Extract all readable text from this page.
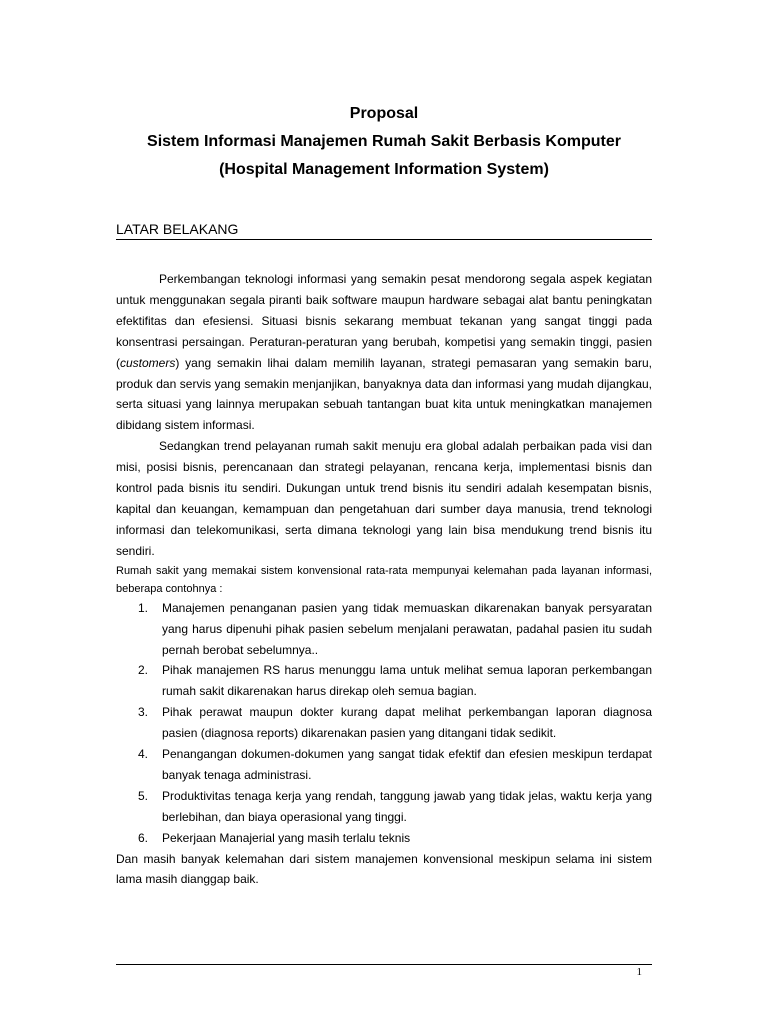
Proposal
Sistem Informasi Manajemen Rumah Sakit Berbasis Komputer
(Hospital Management Information System)
LATAR BELAKANG

Perkembangan teknologi informasi yang semakin pesat mendorong segala aspek kegiatan untuk menggunakan segala piranti baik software maupun hardware sebagai alat bantu peningkatan efektifitas dan efesiensi. Situasi bisnis sekarang membuat tekanan yang sangat tinggi pada konsentrasi persaingan. Peraturan-peraturan yang berubah, kompetisi yang semakin tinggi, pasien (customers) yang semakin lihai dalam memilih layanan, strategi pemasaran yang semakin baru, produk dan servis yang semakin menjanjikan, banyaknya data dan informasi yang mudah dijangkau, serta situasi yang lainnya merupakan sebuah tantangan buat kita untuk meningkatkan manajemen dibidang sistem informasi.

Sedangkan trend pelayanan rumah sakit menuju era global adalah perbaikan pada visi dan misi, posisi bisnis, perencanaan dan strategi pelayanan, rencana kerja, implementasi bisnis dan kontrol pada bisnis itu sendiri. Dukungan untuk trend bisnis itu sendiri adalah kesempatan bisnis, kapital dan keuangan, kemampuan dan pengetahuan dari sumber daya manusia, trend teknologi informasi dan telekomunikasi, serta dimana teknologi yang lain bisa mendukung trend bisnis itu sendiri.

Rumah sakit yang memakai sistem konvensional rata-rata mempunyai kelemahan pada layanan informasi, beberapa contohnya :

1. Manajemen penanganan pasien yang tidak memuaskan dikarenakan banyak persyaratan yang harus dipenuhi pihak pasien sebelum menjalani perawatan, padahal pasien itu sudah pernah berobat sebelumnya..
2. Pihak manajemen RS harus menunggu lama untuk melihat semua laporan perkembangan rumah sakit dikarenakan harus direkap oleh semua bagian.
3. Pihak perawat maupun dokter kurang dapat melihat perkembangan laporan diagnosa pasien (diagnosa reports) dikarenakan pasien yang ditangani tidak sedikit.
4. Penangangan dokumen-dokumen yang sangat tidak efektif dan efesien meskipun terdapat banyak tenaga administrasi.
5. Produktivitas tenaga kerja yang rendah, tanggung jawab yang tidak jelas, waktu kerja yang berlebihan, dan biaya operasional yang tinggi.
6. Pekerjaan Manajerial yang masih terlalu teknis

Dan masih banyak kelemahan dari sistem manajemen konvensional meskipun selama ini sistem lama masih dianggap baik.

1
